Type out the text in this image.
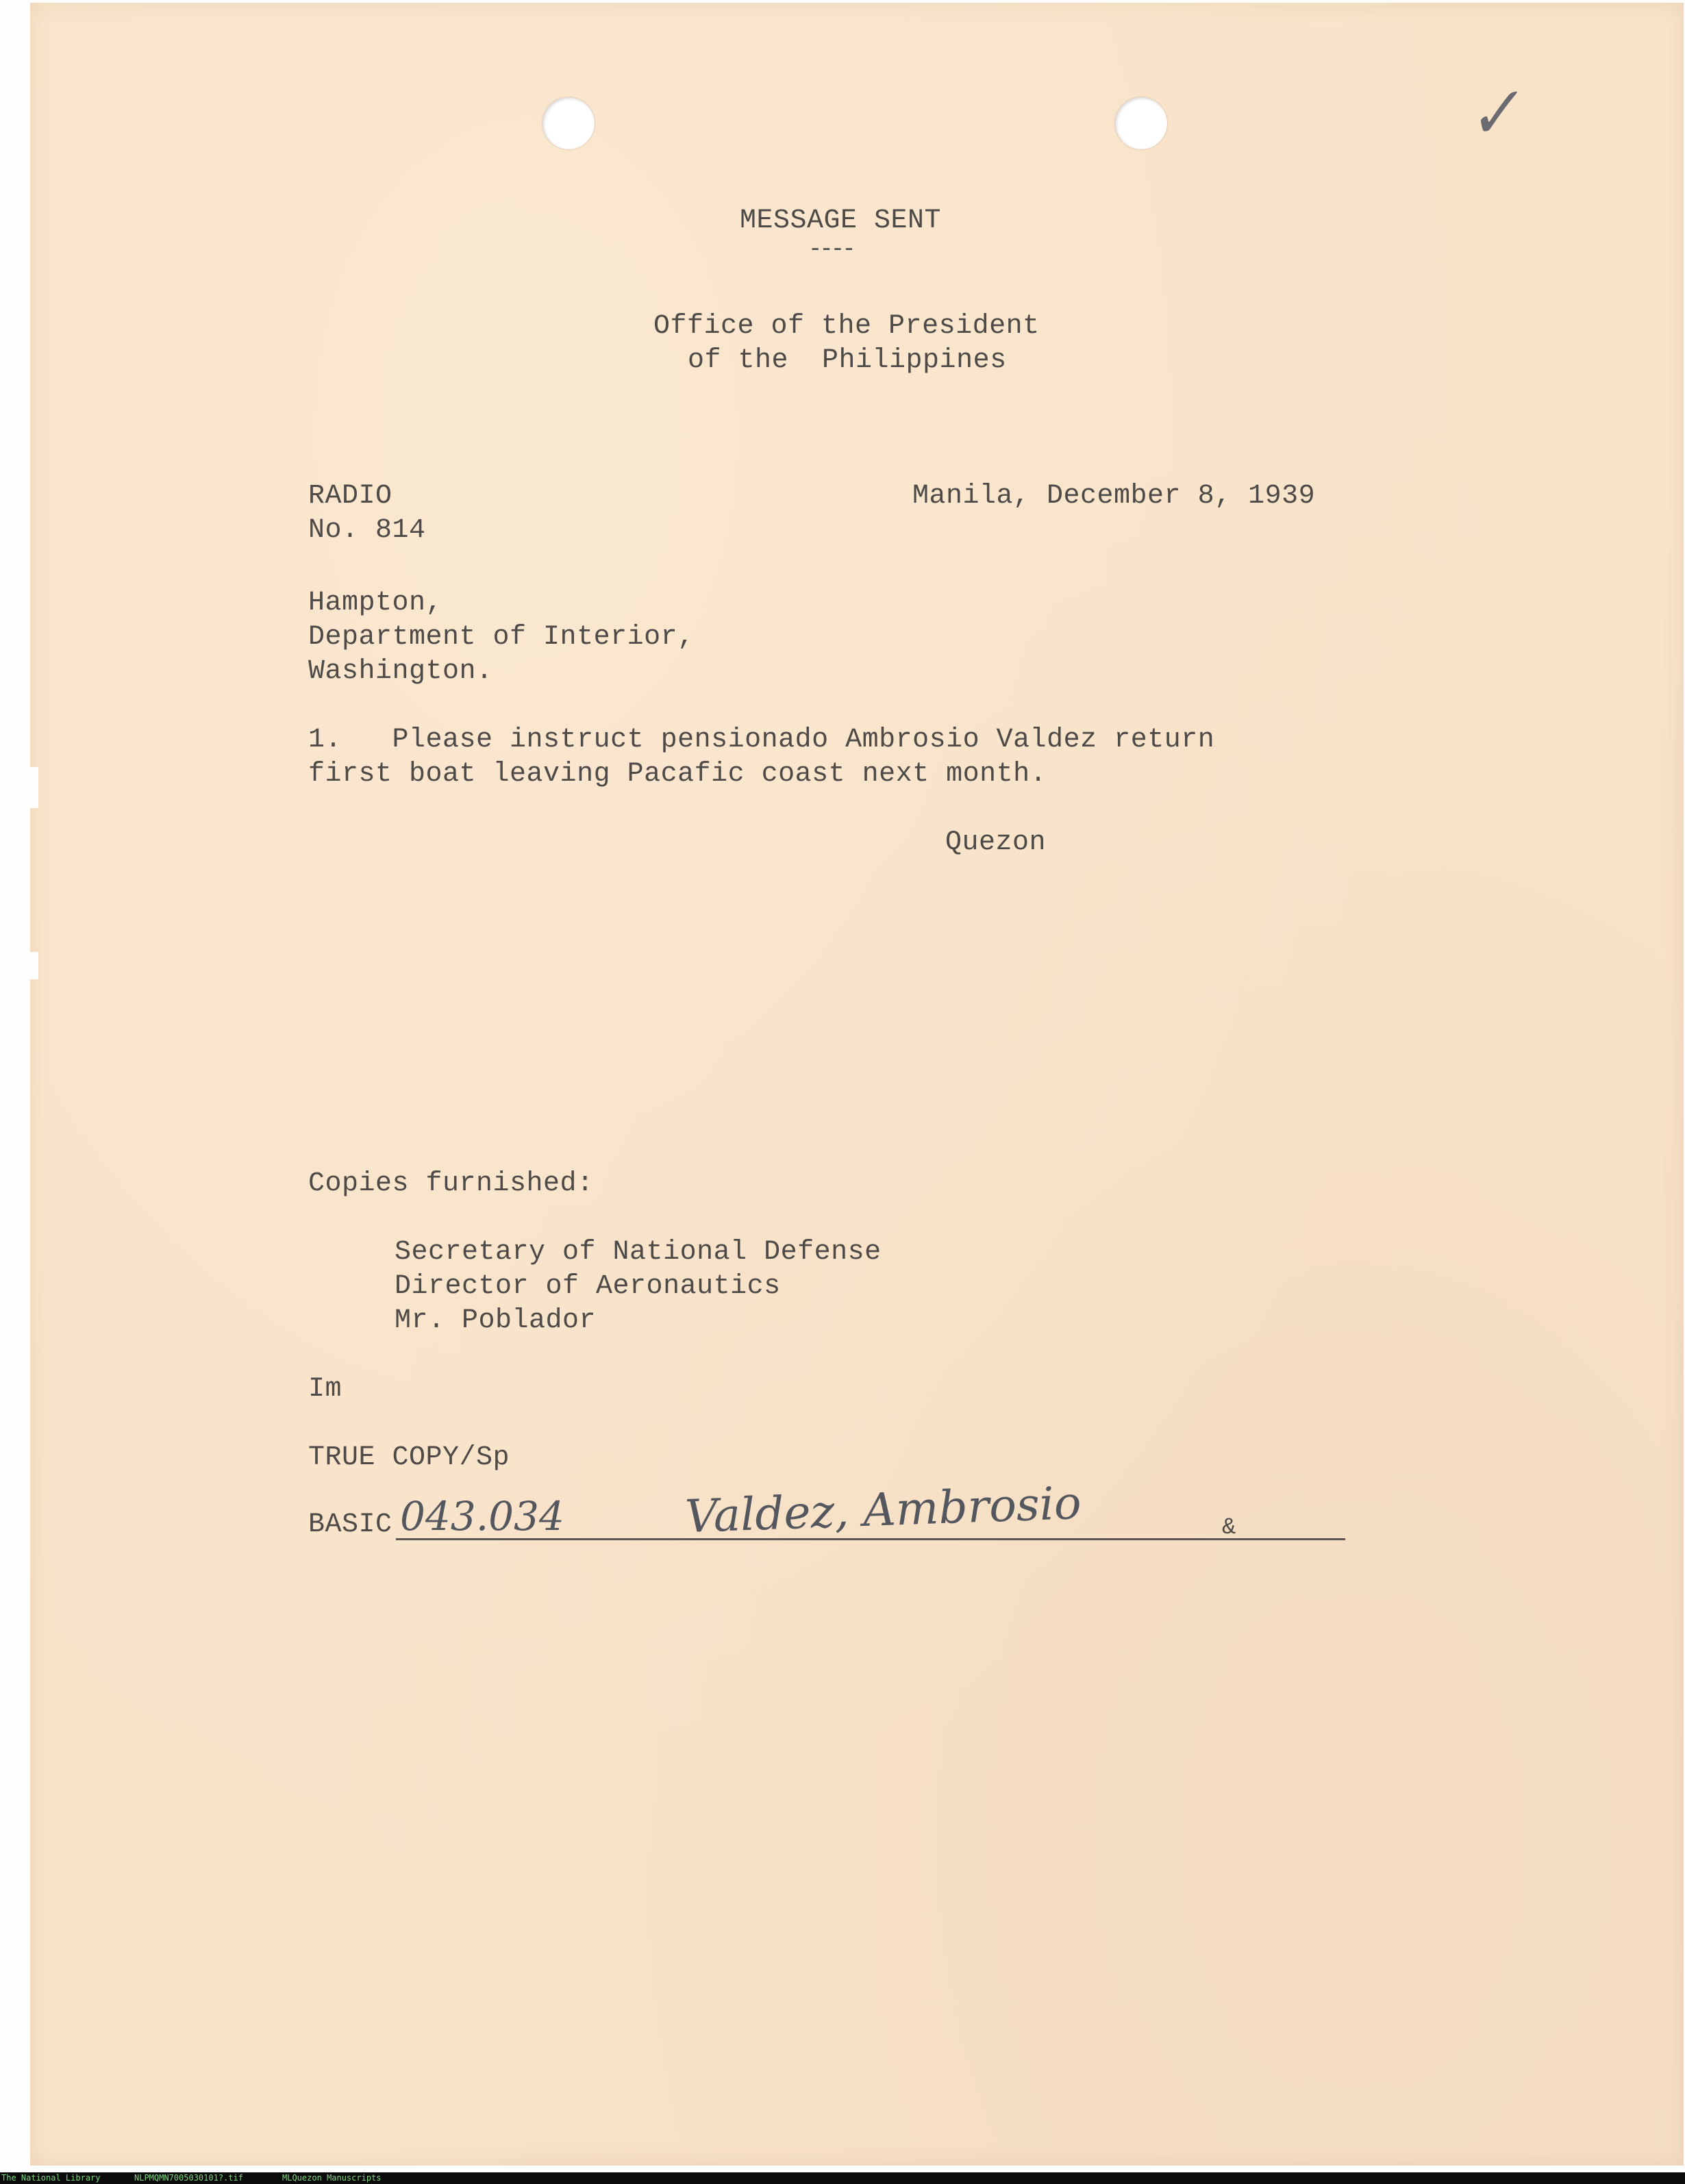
✓
MESSAGE SENT
----
Office of the President
of the  Philippines
RADIO
No. 814
Manila, December 8, 1939
Hampton,
Department of Interior,
Washington.
1.   Please instruct pensionado Ambrosio Valdez return
first boat leaving Pacafic coast next month.
Quezon
Copies furnished:
Secretary of National Defense
Director of Aeronautics
Mr. Poblador
Im
TRUE COPY/Sp
BASIC 043.034	Valdez, Ambrosio	&
The National Library	NLPMQMN7005030101?.tif	MLQuezon Manuscripts
